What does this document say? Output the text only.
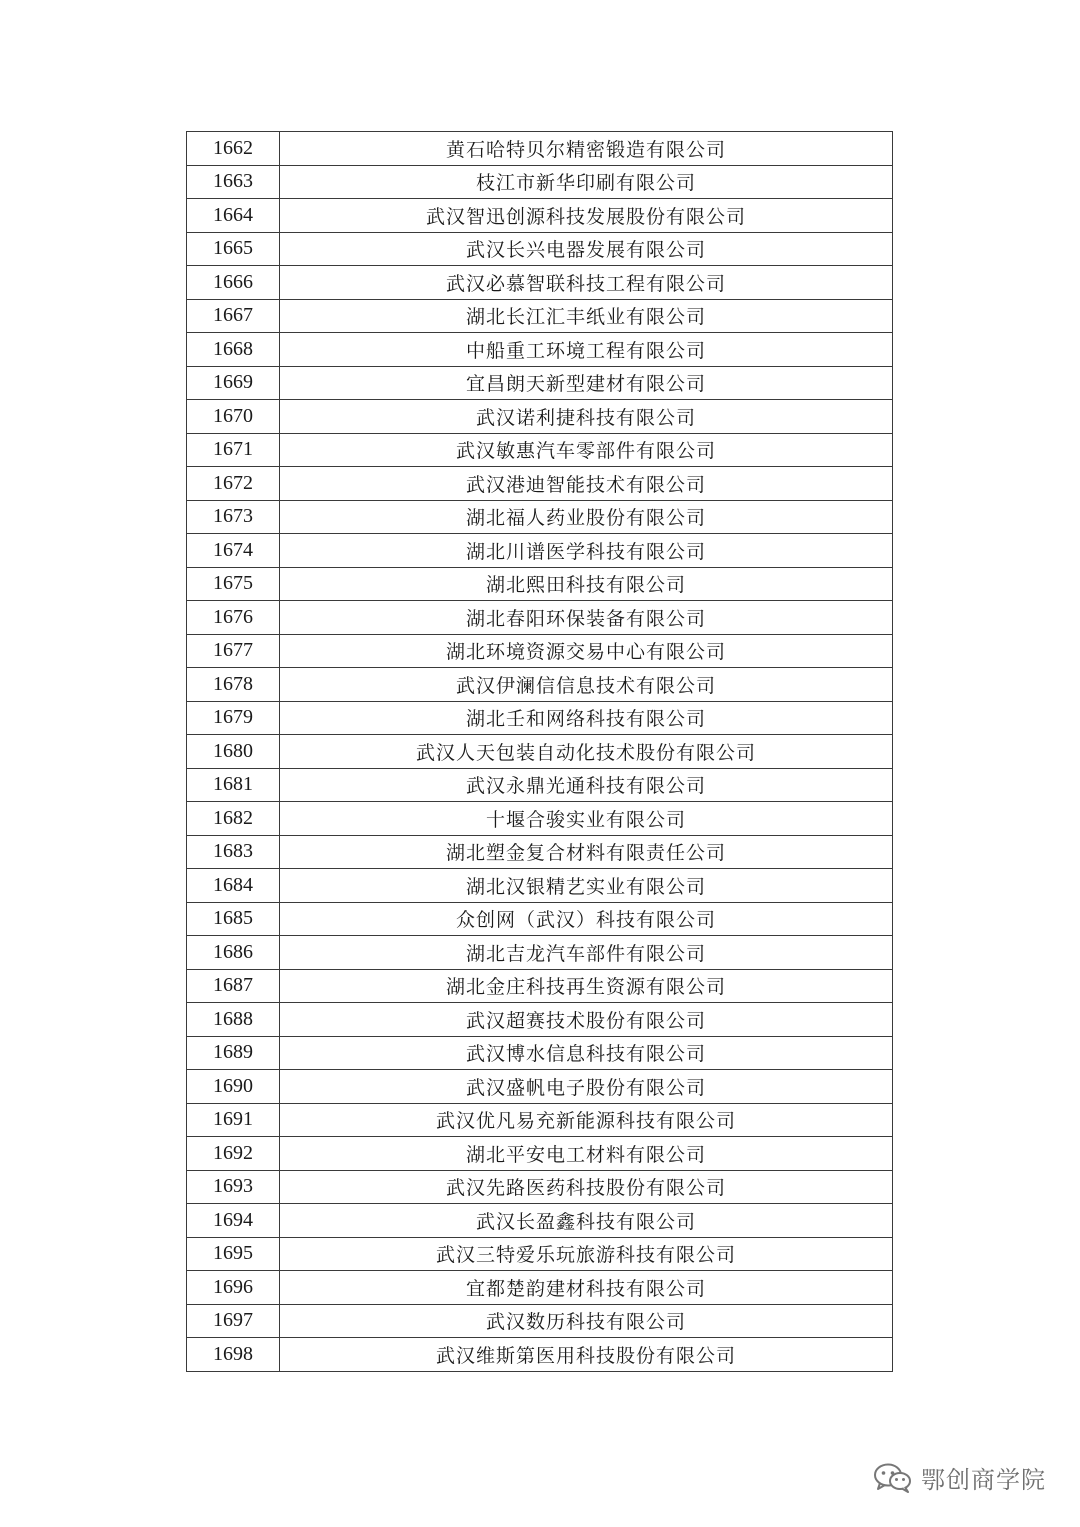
1662	黄石哈特贝尔精密锻造有限公司
1663	枝江市新华印刷有限公司
1664	武汉智迅创源科技发展股份有限公司
1665	武汉长兴电器发展有限公司
1666	武汉必慕智联科技工程有限公司
1667	湖北长江汇丰纸业有限公司
1668	中船重工环境工程有限公司
1669	宜昌朗天新型建材有限公司
1670	武汉诺利捷科技有限公司
1671	武汉敏惠汽车零部件有限公司
1672	武汉港迪智能技术有限公司
1673	湖北福人药业股份有限公司
1674	湖北川谱医学科技有限公司
1675	湖北熙田科技有限公司
1676	湖北春阳环保装备有限公司
1677	湖北环境资源交易中心有限公司
1678	武汉伊澜信信息技术有限公司
1679	湖北壬和网络科技有限公司
1680	武汉人天包装自动化技术股份有限公司
1681	武汉永鼎光通科技有限公司
1682	十堰合骏实业有限公司
1683	湖北塑金复合材料有限责任公司
1684	湖北汉银精艺实业有限公司
1685	众创网（武汉）科技有限公司
1686	湖北吉龙汽车部件有限公司
1687	湖北金庄科技再生资源有限公司
1688	武汉超赛技术股份有限公司
1689	武汉博水信息科技有限公司
1690	武汉盛帆电子股份有限公司
1691	武汉优凡易充新能源科技有限公司
1692	湖北平安电工材料有限公司
1693	武汉先路医药科技股份有限公司
1694	武汉长盈鑫科技有限公司
1695	武汉三特爱乐玩旅游科技有限公司
1696	宜都楚韵建材科技有限公司
1697	武汉数历科技有限公司
1698	武汉维斯第医用科技股份有限公司
鄂创商学院
